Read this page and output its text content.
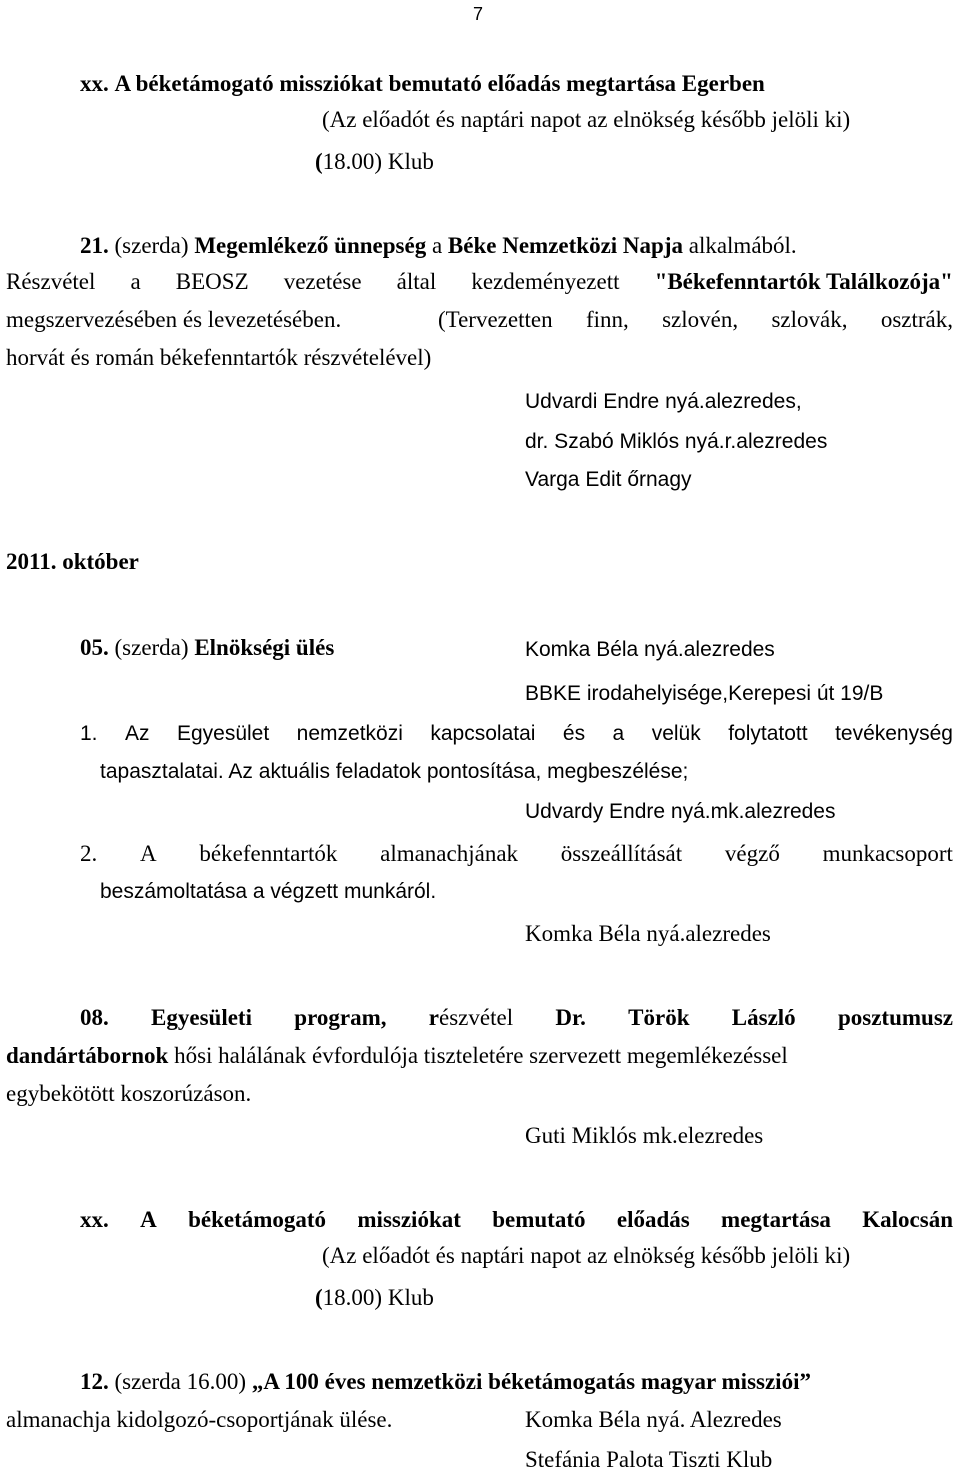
7
xx. A béketámogató missziókat bemutató előadás megtartása Egerben
(Az előadót és naptári napot az elnökség később jelöli ki)
(18.00) Klub
21. (szerda) Megemlékező ünnepség a Béke Nemzetközi Napja alkalmából.
Részvétel a BEOSZ vezetése által kezdeményezett "Békefenntartók Találkozója"
megszervezésében és levezetésében.	(Tervezetten finn, szlovén, szlovák, osztrák,
horvát és román békefenntartók részvételével)
Udvardi Endre nyá.alezredes,
dr. Szabó Miklós nyá.r.alezredes
Varga Edit őrnagy
2011. október
05. (szerda) Elnökségi ülés	Komka Béla nyá.alezredes
BBKE irodahelyisége,Kerepesi út 19/B
1. Az Egyesület nemzetközi kapcsolatai és a velük folytatott tevékenység
tapasztalatai. Az aktuális feladatok pontosítása, megbeszélése;
Udvardy Endre nyá.mk.alezredes
2. A békefenntartók almanachjának összeállítását végző munkacsoport
beszámoltatása a végzett munkáról.
Komka Béla nyá.alezredes
08. Egyesületi program, részvétel Dr. Török László posztumusz
dandártábornok hősi halálának évfordulója tiszteletére szervezett megemlékezéssel
egybekötött koszorúzáson.
Guti Miklós mk.elezredes
xx. A béketámogató missziókat bemutató előadás megtartása Kalocsán
(Az előadót és naptári napot az elnökség később jelöli ki)
(18.00) Klub
12. (szerda 16.00) „A 100 éves nemzetközi béketámogatás magyar missziói”
almanachja kidolgozó-csoportjának ülése.	Komka Béla nyá. Alezredes
Stefánia Palota Tiszti Klub
